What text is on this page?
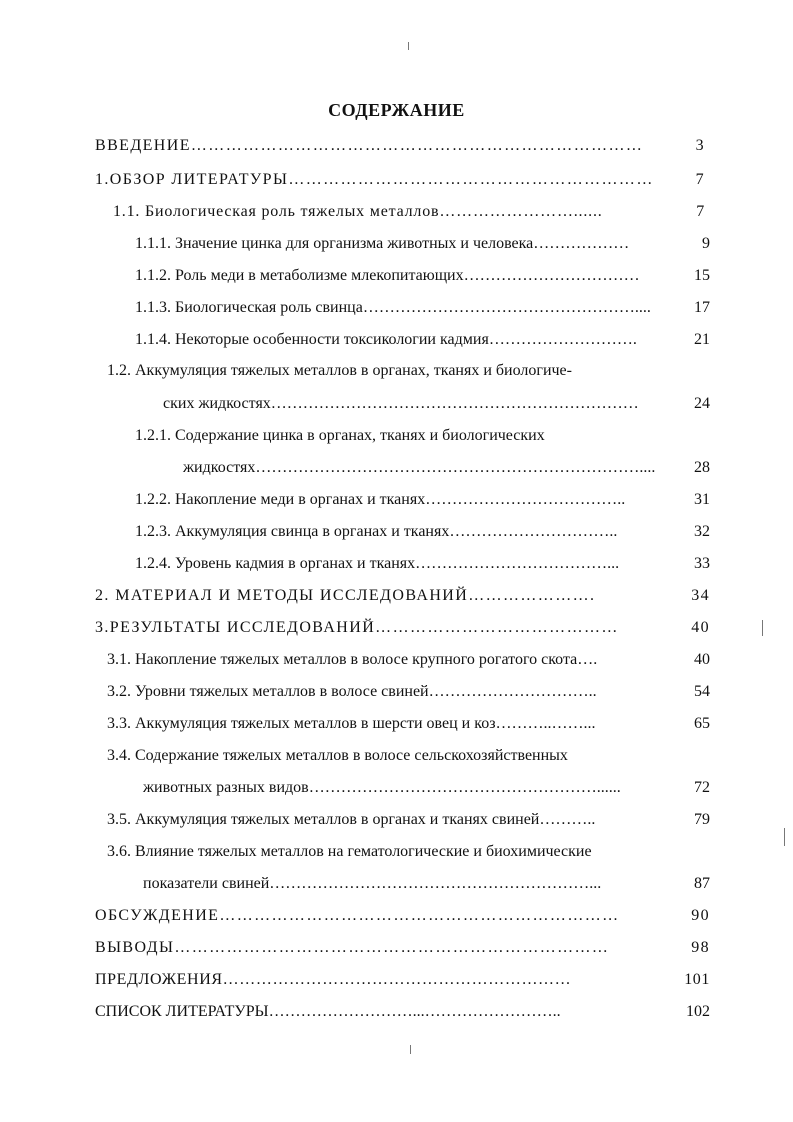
СОДЕРЖАНИЕ
ВВЕДЕНИЕ ……………………………………………………………………	3
1.ОБЗОР ЛИТЕРАТУРЫ ………………………………………………………	7
1.1. Биологическая роль тяжелых металлов ……………………......	7
1.1.1. Значение цинка для организма животных и человека ………………	9
1.1.2. Роль меди в метаболизме млекопитающих ……………………………	15
1.1.3. Биологическая роль свинца ……………………………………………....	17
1.1.4. Некоторые особенности токсикологии кадмия ……………………….	21
1.2. Аккумуляция тяжелых металлов в органах, тканях и биологиче-
ских жидкостях ……………………………………………………………	24
1.2.1. Содержание цинка в органах, тканях и биологических
жидкостях ………………………………………………………………....	28
1.2.2. Накопление меди в органах и тканях ………………………………..	31
1.2.3. Аккумуляция свинца в органах и тканях …………………………..	32
1.2.4. Уровень кадмия в органах и тканях ………………………………...	33
2. МАТЕРИАЛ И МЕТОДЫ ИССЛЕДОВАНИЙ ………………….	34
3.РЕЗУЛЬТАТЫ ИССЛЕДОВАНИЙ ……………………………………	40
3.1. Накопление тяжелых металлов в волосе крупного рогатого скота ….	40
3.2. Уровни тяжелых металлов в волосе свиней …………………………..	54
3.3. Аккумуляция тяжелых металлов в шерсти овец и коз ………..……...	65
3.4. Содержание тяжелых металлов в волосе сельскохозяйственных
животных разных видов ………………………………………………......	72
3.5. Аккумуляция тяжелых металлов в органах и тканях свиней ………..	79
3.6. Влияние тяжелых металлов на гематологические и биохимические
показатели свиней ……………………………………………………...	87
ОБСУЖДЕНИЕ ……………………………………………………………	90
ВЫВОДЫ …………………………………………………………………	98
ПРЕДЛОЖЕНИЯ ………………………………………………………	101
СПИСОК ЛИТЕРАТУРЫ ………………………...……………………..	102
